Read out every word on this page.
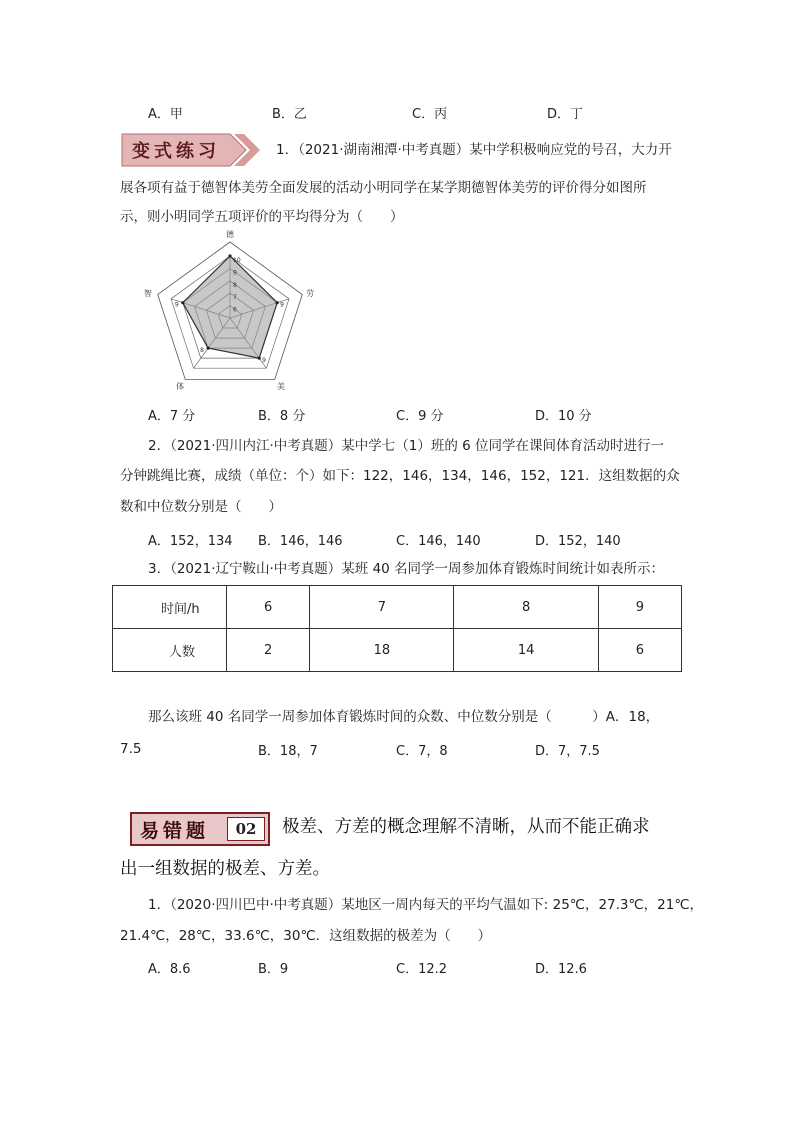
A．甲	B．乙	C．丙	D．丁
变式练习	1．（2021·湖南湘潭·中考真题）某中学积极响应党的号召，大力开
展各项有益于德智体美劳全面发展的活动小明同学在某学期德智体美劳的评价得分如图所
示，则小明同学五项评价的平均得分为（　　）
6
7
8
9
10
9
9
8
9
德
劳
美
体
智
A．7 分	B．8 分	C．9 分	D．10 分
2．（2021·四川内江·中考真题）某中学七（1）班的 6 位同学在课间体育活动时进行一
分钟跳绳比赛，成绩（单位：个）如下：122，146，134，146，152，121．这组数据的众
数和中位数分别是（　　）
A．152，134 B．146，146	C．146，140	D．152，140
3．（2021·辽宁鞍山·中考真题）某班 40 名同学一周参加体育锻炼时间统计如表所示：
时间/h	6	7	8	9
人数	2	18	14	6
那么该班 40 名同学一周参加体育锻炼时间的众数、中位数分别是（　　　）A．18，
7.5	B．18，7	C．7，8	D．7，7.5
易错题	02	极差、方差的概念理解不清晰，从而不能正确求
出一组数据的极差、方差。
1．（2020·四川巴中·中考真题）某地区一周内每天的平均气温如下: 25℃，27.3℃，21℃，
21.4℃，28℃，33.6℃，30℃．这组数据的极差为（　　）
A．8.6	B．9	C．12.2	D．12.6
